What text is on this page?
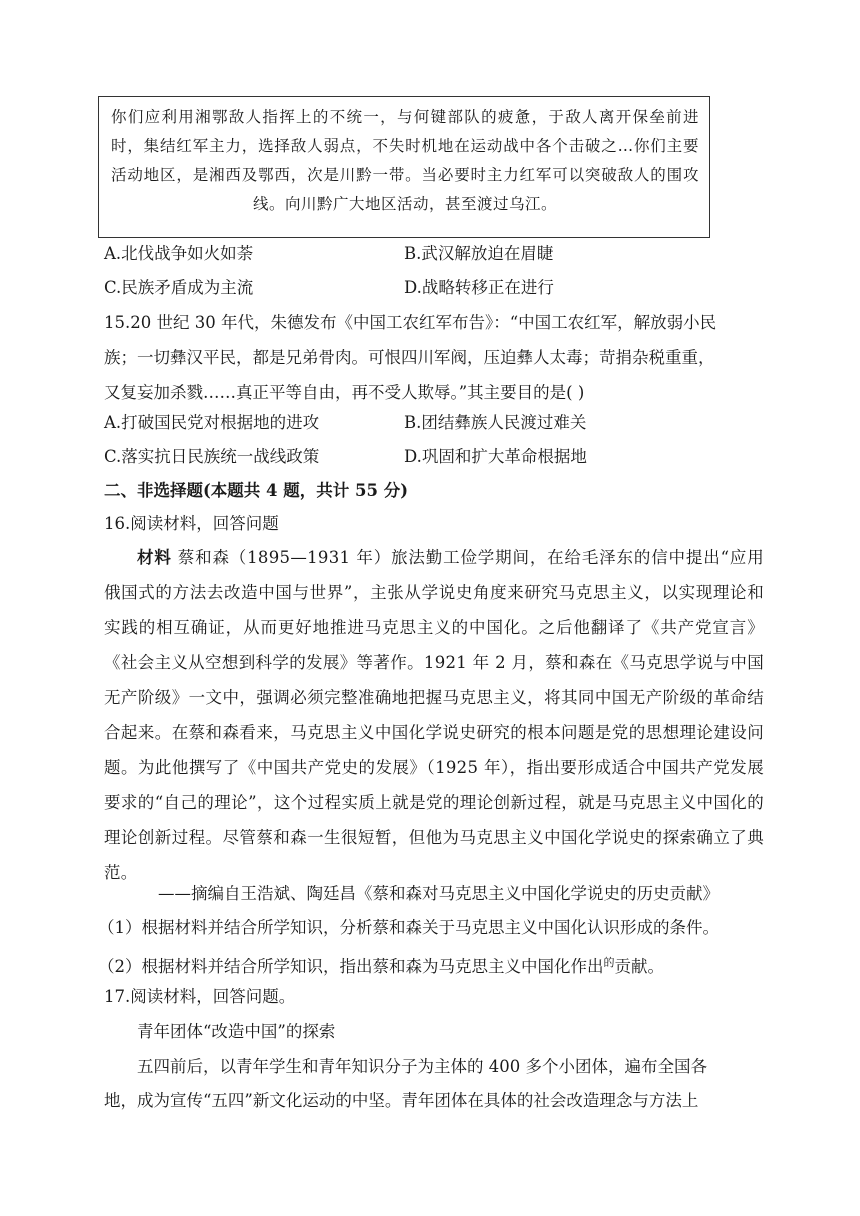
你们应利用湘鄂敌人指挥上的不统一，与何键部队的疲惫，于敌人离开保垒前进时，集结红军主力，选择敌人弱点，不失时机地在运动战中各个击破之…你们主要活动地区，是湘西及鄂西，次是川黔一带。当必要时主力红军可以突破敌人的围攻线。向川黔广大地区活动，甚至渡过乌江。

A.北伐战争如火如荼	B.武汉解放迫在眉睫
C.民族矛盾成为主流	D.战略转移正在进行
15.20 世纪 30 年代，朱德发布《中国工农红军布告》：“中国工农红军，解放弱小民
族；一切彝汉平民，都是兄弟骨肉。可恨四川军阀，压迫彝人太毒；苛捐杂税重重，
又复妄加杀戮……真正平等自由，再不受人欺辱。”其主要目的是( )
A.打破国民党对根据地的进攻	B.团结彝族人民渡过难关
C.落实抗日民族统一战线政策	D.巩固和扩大革命根据地
二、非选择题(本题共 4 题，共计 55 分)
16.阅读材料，回答问题
材料 蔡和森（1895—1931 年）旅法勤工俭学期间，在给毛泽东的信中提出“应用俄国式的方法去改造中国与世界”，主张从学说史角度来研究马克思主义，以实现理论和实践的相互确证，从而更好地推进马克思主义的中国化。之后他翻译了《共产党宣言》《社会主义从空想到科学的发展》等著作。1921 年 2 月，蔡和森在《马克思学说与中国无产阶级》一文中，强调必须完整准确地把握马克思主义，将其同中国无产阶级的革命结合起来。在蔡和森看来，马克思主义中国化学说史研究的根本问题是党的思想理论建设问题。为此他撰写了《中国共产党史的发展》（1925 年），指出要形成适合中国共产党发展要求的“自己的理论”，这个过程实质上就是党的理论创新过程，就是马克思主义中国化的理论创新过程。尽管蔡和森一生很短暂，但他为马克思主义中国化学说史的探索确立了典范。
——摘编自王浩斌、陶廷昌《蔡和森对马克思主义中国化学说史的历史贡献》
（1）根据材料并结合所学知识，分析蔡和森关于马克思主义中国化认识形成的条件。
（2）根据材料并结合所学知识，指出蔡和森为马克思主义中国化作出$^的$贡献。
17.阅读材料，回答问题。
青年团体“改造中国”的探索
五四前后，以青年学生和青年知识分子为主体的 400 多个小团体，遍布全国各
地，成为宣传“五四”新文化运动的中坚。青年团体在具体的社会改造理念与方法上
